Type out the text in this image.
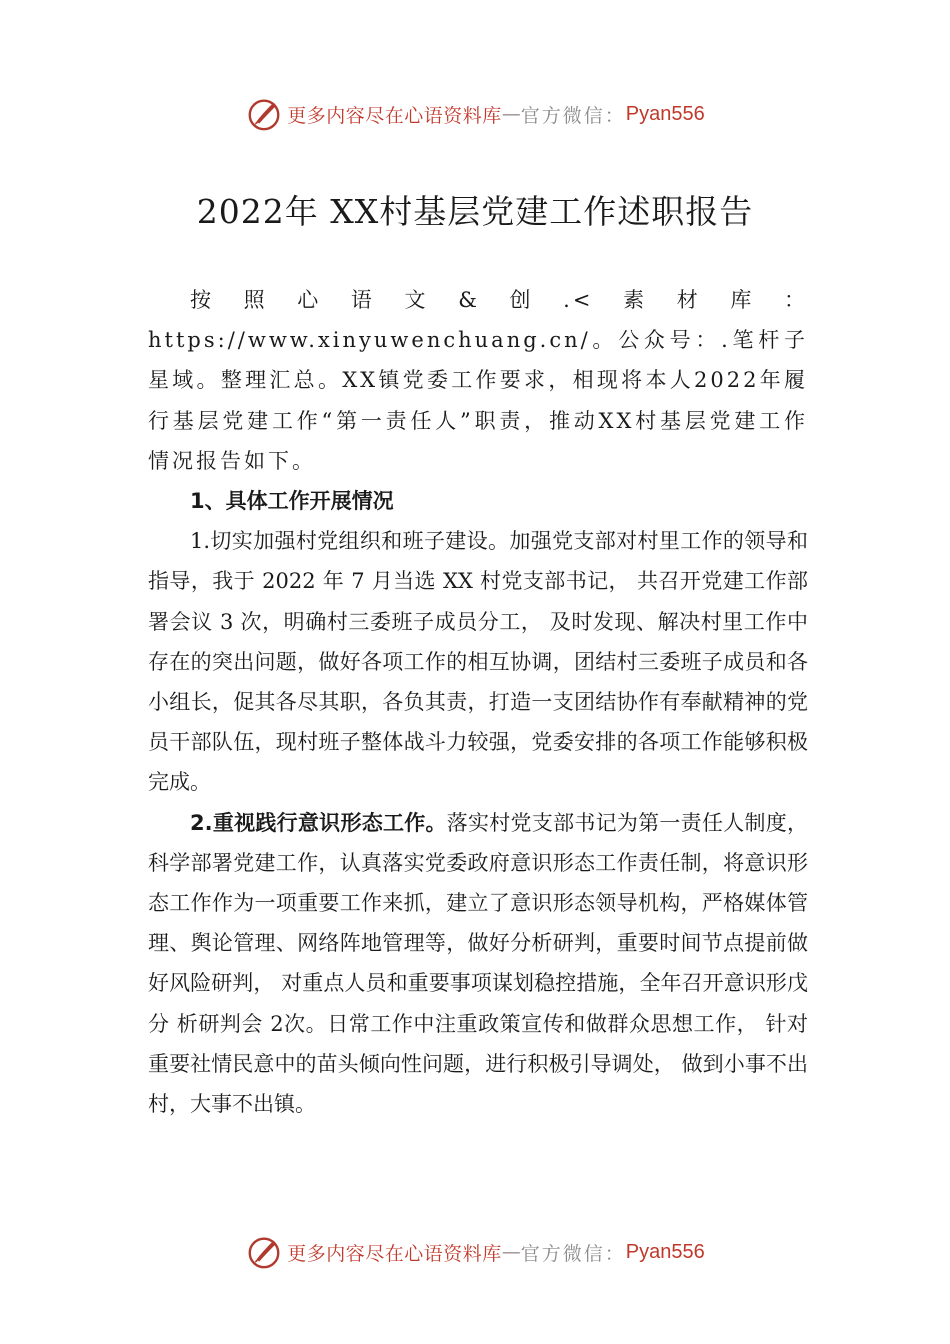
更多内容尽在心语资料库 — 官方微信： Pyan556
2022年 XX村基层党建工作述职报告

按照心语文&创.<素材库：https://www.xinyuwenchuang.cn/。公众号：.笔杆子星域。整理汇总。XX镇党委工作要求，相现将本人2022年履行基层党建工作“第一责任人”职责，推动XX村基层党建工作情况报告如下。

1、具体工作开展情况

1.切实加强村党组织和班子建设。加强党支部对村里工作的领导和指导，我于 2022 年 7 月当选 XX 村党支部书记， 共召开党建工作部署会议 3 次，明确村三委班子成员分工， 及时发现、解决村里工作中存在的突出问题，做好各项工作的相互协调，团结村三委班子成员和各小组长，促其各尽其职，各负其责，打造一支团结协作有奉献精神的党员干部队伍，现村班子整体战斗力较强，党委安排的各项工作能够积极完成。

2.重视践行意识形态工作。落实村党支部书记为第一责任人制度，科学部署党建工作，认真落实党委政府意识形态工作责任制，将意识形态工作作为一项重要工作来抓，建立了意识形态领导机构，严格媒体管理、舆论管理、网络阵地管理等，做好分析研判，重要时间节点提前做好风险研判， 对重点人员和重要事项谋划稳控措施，全年召开意识形戊分 析研判会 2次。日常工作中注重政策宣传和做群众思想工作， 针对重要社情民意中的苗头倾向性问题，进行积极引导调处， 做到小事不出村，大事不出镇。

更多内容尽在心语资料库 — 官方微信： Pyan556
